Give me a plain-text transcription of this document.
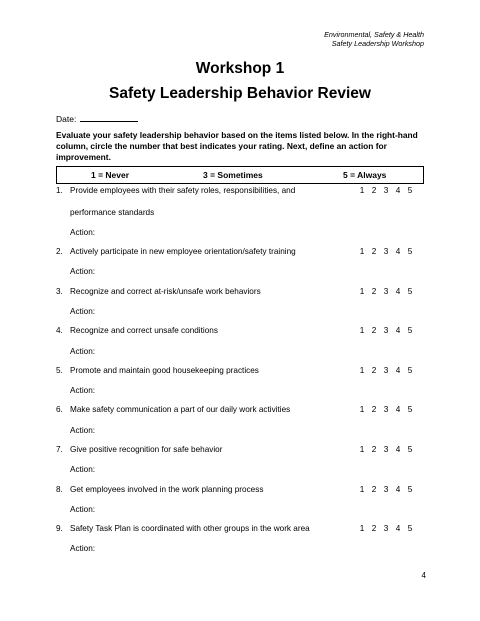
Environmental, Safety & Health
Safety Leadership Workshop
Workshop 1
Safety Leadership Behavior Review
Date:
Evaluate your safety leadership behavior based on the items listed below. In the right-hand column, circle the number that best indicates your rating. Next, define an action for improvement.
1 = Never	3 = Sometimes	5 = Always
1. Provide employees with their safety roles, responsibilities, and	1 2 3 4 5
performance standards
Action:
2. Actively participate in new employee orientation/safety training	1 2 3 4 5
Action:
3. Recognize and correct at-risk/unsafe work behaviors	1 2 3 4 5
Action:
4. Recognize and correct unsafe conditions	1 2 3 4 5
Action:
5. Promote and maintain good housekeeping practices	1 2 3 4 5
Action:
6. Make safety communication a part of our daily work activities	1 2 3 4 5
Action:
7. Give positive recognition for safe behavior	1 2 3 4 5
Action:
8. Get employees involved in the work planning process	1 2 3 4 5
Action:
9. Safety Task Plan is coordinated with other groups in the work area	1 2 3 4 5
Action:
4
